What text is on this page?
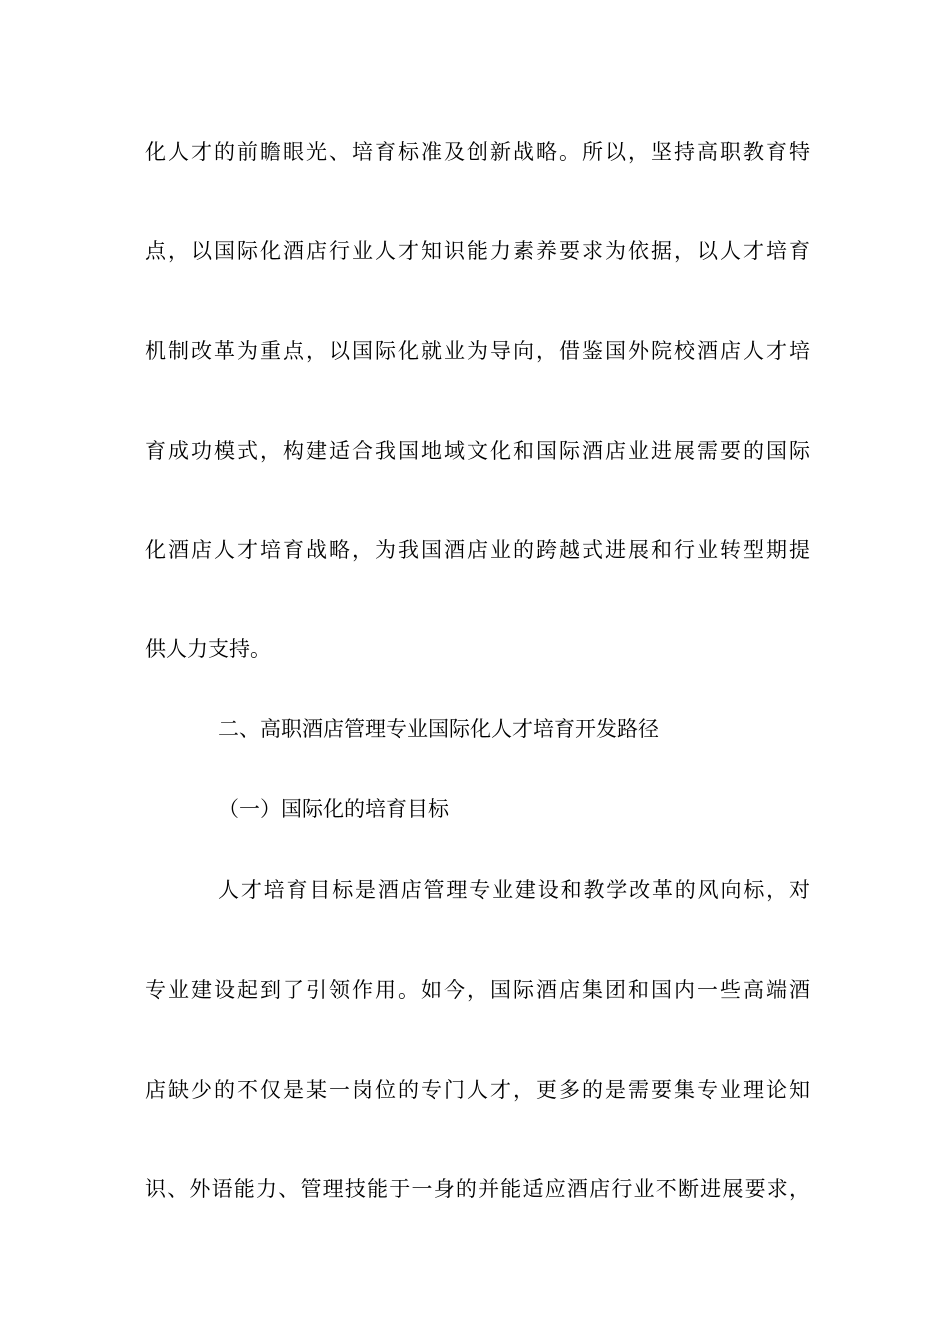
化人才的前瞻眼光、培育标准及创新战略。所以，坚持高职教育特
点，以国际化酒店行业人才知识能力素养要求为依据，以人才培育
机制改革为重点，以国际化就业为导向，借鉴国外院校酒店人才培
育成功模式，构建适合我国地域文化和国际酒店业进展需要的国际
化酒店人才培育战略，为我国酒店业的跨越式进展和行业转型期提
供人力支持。
二、高职酒店管理专业国际化人才培育开发路径
（一）国际化的培育目标
人才培育目标是酒店管理专业建设和教学改革的风向标，对
专业建设起到了引领作用。如今，国际酒店集团和国内一些高端酒
店缺少的不仅是某一岗位的专门人才，更多的是需要集专业理论知
识、外语能力、管理技能于一身的并能适应酒店行业不断进展要求，
